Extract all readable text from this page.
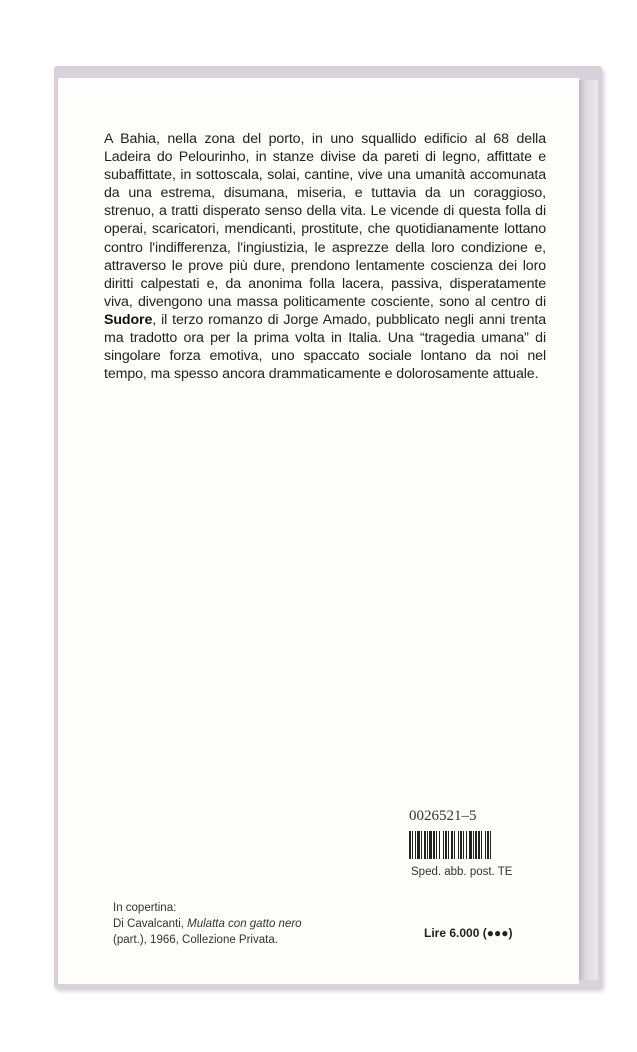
A Bahia, nella zona del porto, in uno squallido edificio al 68 della Ladeira do Pelourinho, in stanze divise da pareti di legno, affittate e subaffittate, in sottoscala, solai, cantine, vive una umanità accomunata da una estrema, disumana, miseria, e tuttavia da un coraggioso, strenuo, a tratti disperato senso della vita. Le vicende di questa folla di operai, scaricatori, mendicanti, prostitute, che quotidianamente lottano contro l'indifferenza, l'ingiustizia, le asprezze della loro condizione e, attraverso le prove più dure, prendono lentamente coscienza dei loro diritti calpestati e, da anonima folla lacera, passiva, disperatamente viva, divengono una massa politicamente cosciente, sono al centro di Sudore, il terzo romanzo di Jorge Amado, pubblicato negli anni trenta ma tradotto ora per la prima volta in Italia. Una “tragedia umana” di singolare forza emotiva, uno spaccato sociale lontano da noi nel tempo, ma spesso ancora drammaticamente e dolorosamente attuale.

0026521–5
Sped. abb. post. TE
In copertina:
Di Cavalcanti, Mulatta con gatto nero
(part.), 1966, Collezione Privata.	Lire 6.000 (●●●)
